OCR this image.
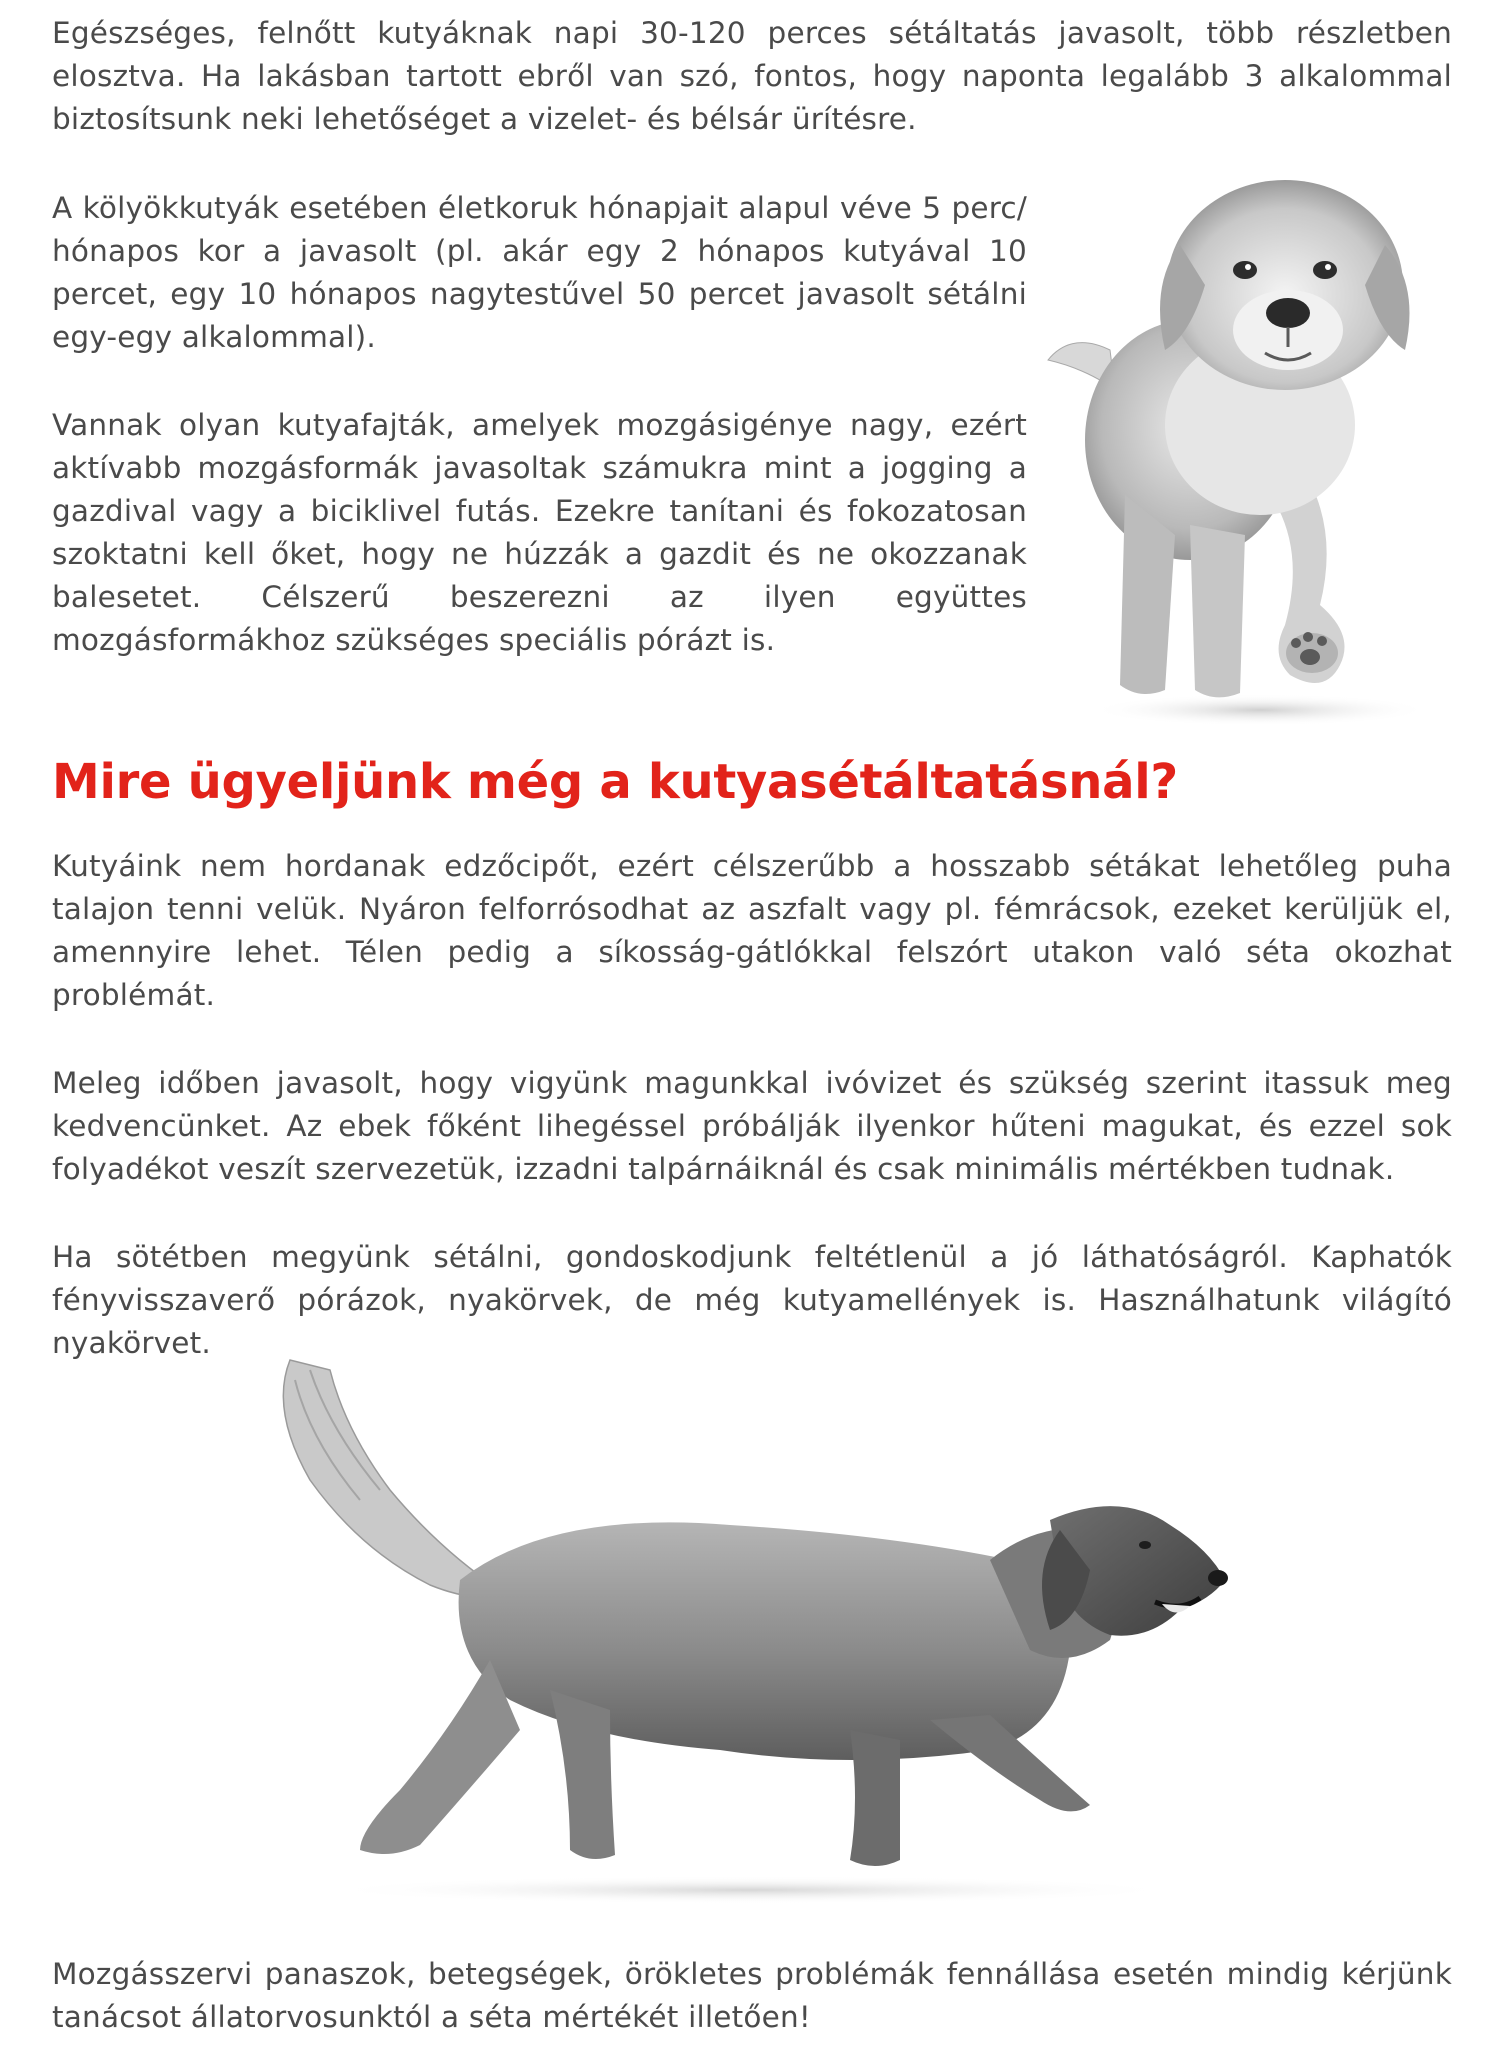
Egészséges, felnőtt kutyáknak napi 30-120 perces sétáltatás javasolt, több részletben elosztva. Ha lakásban tartott ebről van szó, fontos, hogy naponta legalább 3 alkalommal biztosítsunk neki lehetőséget a vizelet- és bélsár ürítésre.

A kölyökkutyák esetében életkoruk hónapjait alapul véve 5 perc/ hónapos kor a javasolt (pl. akár egy 2 hónapos kutyával 10 percet, egy 10 hónapos nagytestűvel 50 percet javasolt sétálni egy-egy alkalommal).

Vannak olyan kutyafajták, amelyek mozgásigénye nagy, ezért aktívabb mozgásformák javasoltak számukra mint a jogging a gazdival vagy a biciklivel futás. Ezekre tanítani és fokozatosan szoktatni kell őket, hogy ne húzzák a gazdit és ne okozzanak balesetet. Célszerű beszerezni az ilyen együttes mozgásformákhoz szükséges speciális pórázt is.

Mire ügyeljünk még a kutyasétáltatásnál?

Kutyáink nem hordanak edzőcipőt, ezért célszerűbb a hosszabb sétákat lehetőleg puha talajon tenni velük. Nyáron felforrósodhat az aszfalt vagy pl. fémrácsok, ezeket kerüljük el, amennyire lehet. Télen pedig a síkosság-gátlókkal felszórt utakon való séta okozhat problémát.

Meleg időben javasolt, hogy vigyünk magunkkal ivóvizet és szükség szerint itassuk meg kedvencünket. Az ebek főként lihegéssel próbálják ilyenkor hűteni magukat, és ezzel sok folyadékot veszít szervezetük, izzadni talpárnáiknál és csak minimális mértékben tudnak.

Ha sötétben megyünk sétálni, gondoskodjunk feltétlenül a jó láthatóságról. Kaphatók fényvisszaverő pórázok, nyakörvek, de még kutyamellények is. Használhatunk világító nyakörvet.

Mozgásszervi panaszok, betegségek, örökletes problémák fennállása esetén mindig kérjünk tanácsot állatorvosunktól a séta mértékét illetően!
